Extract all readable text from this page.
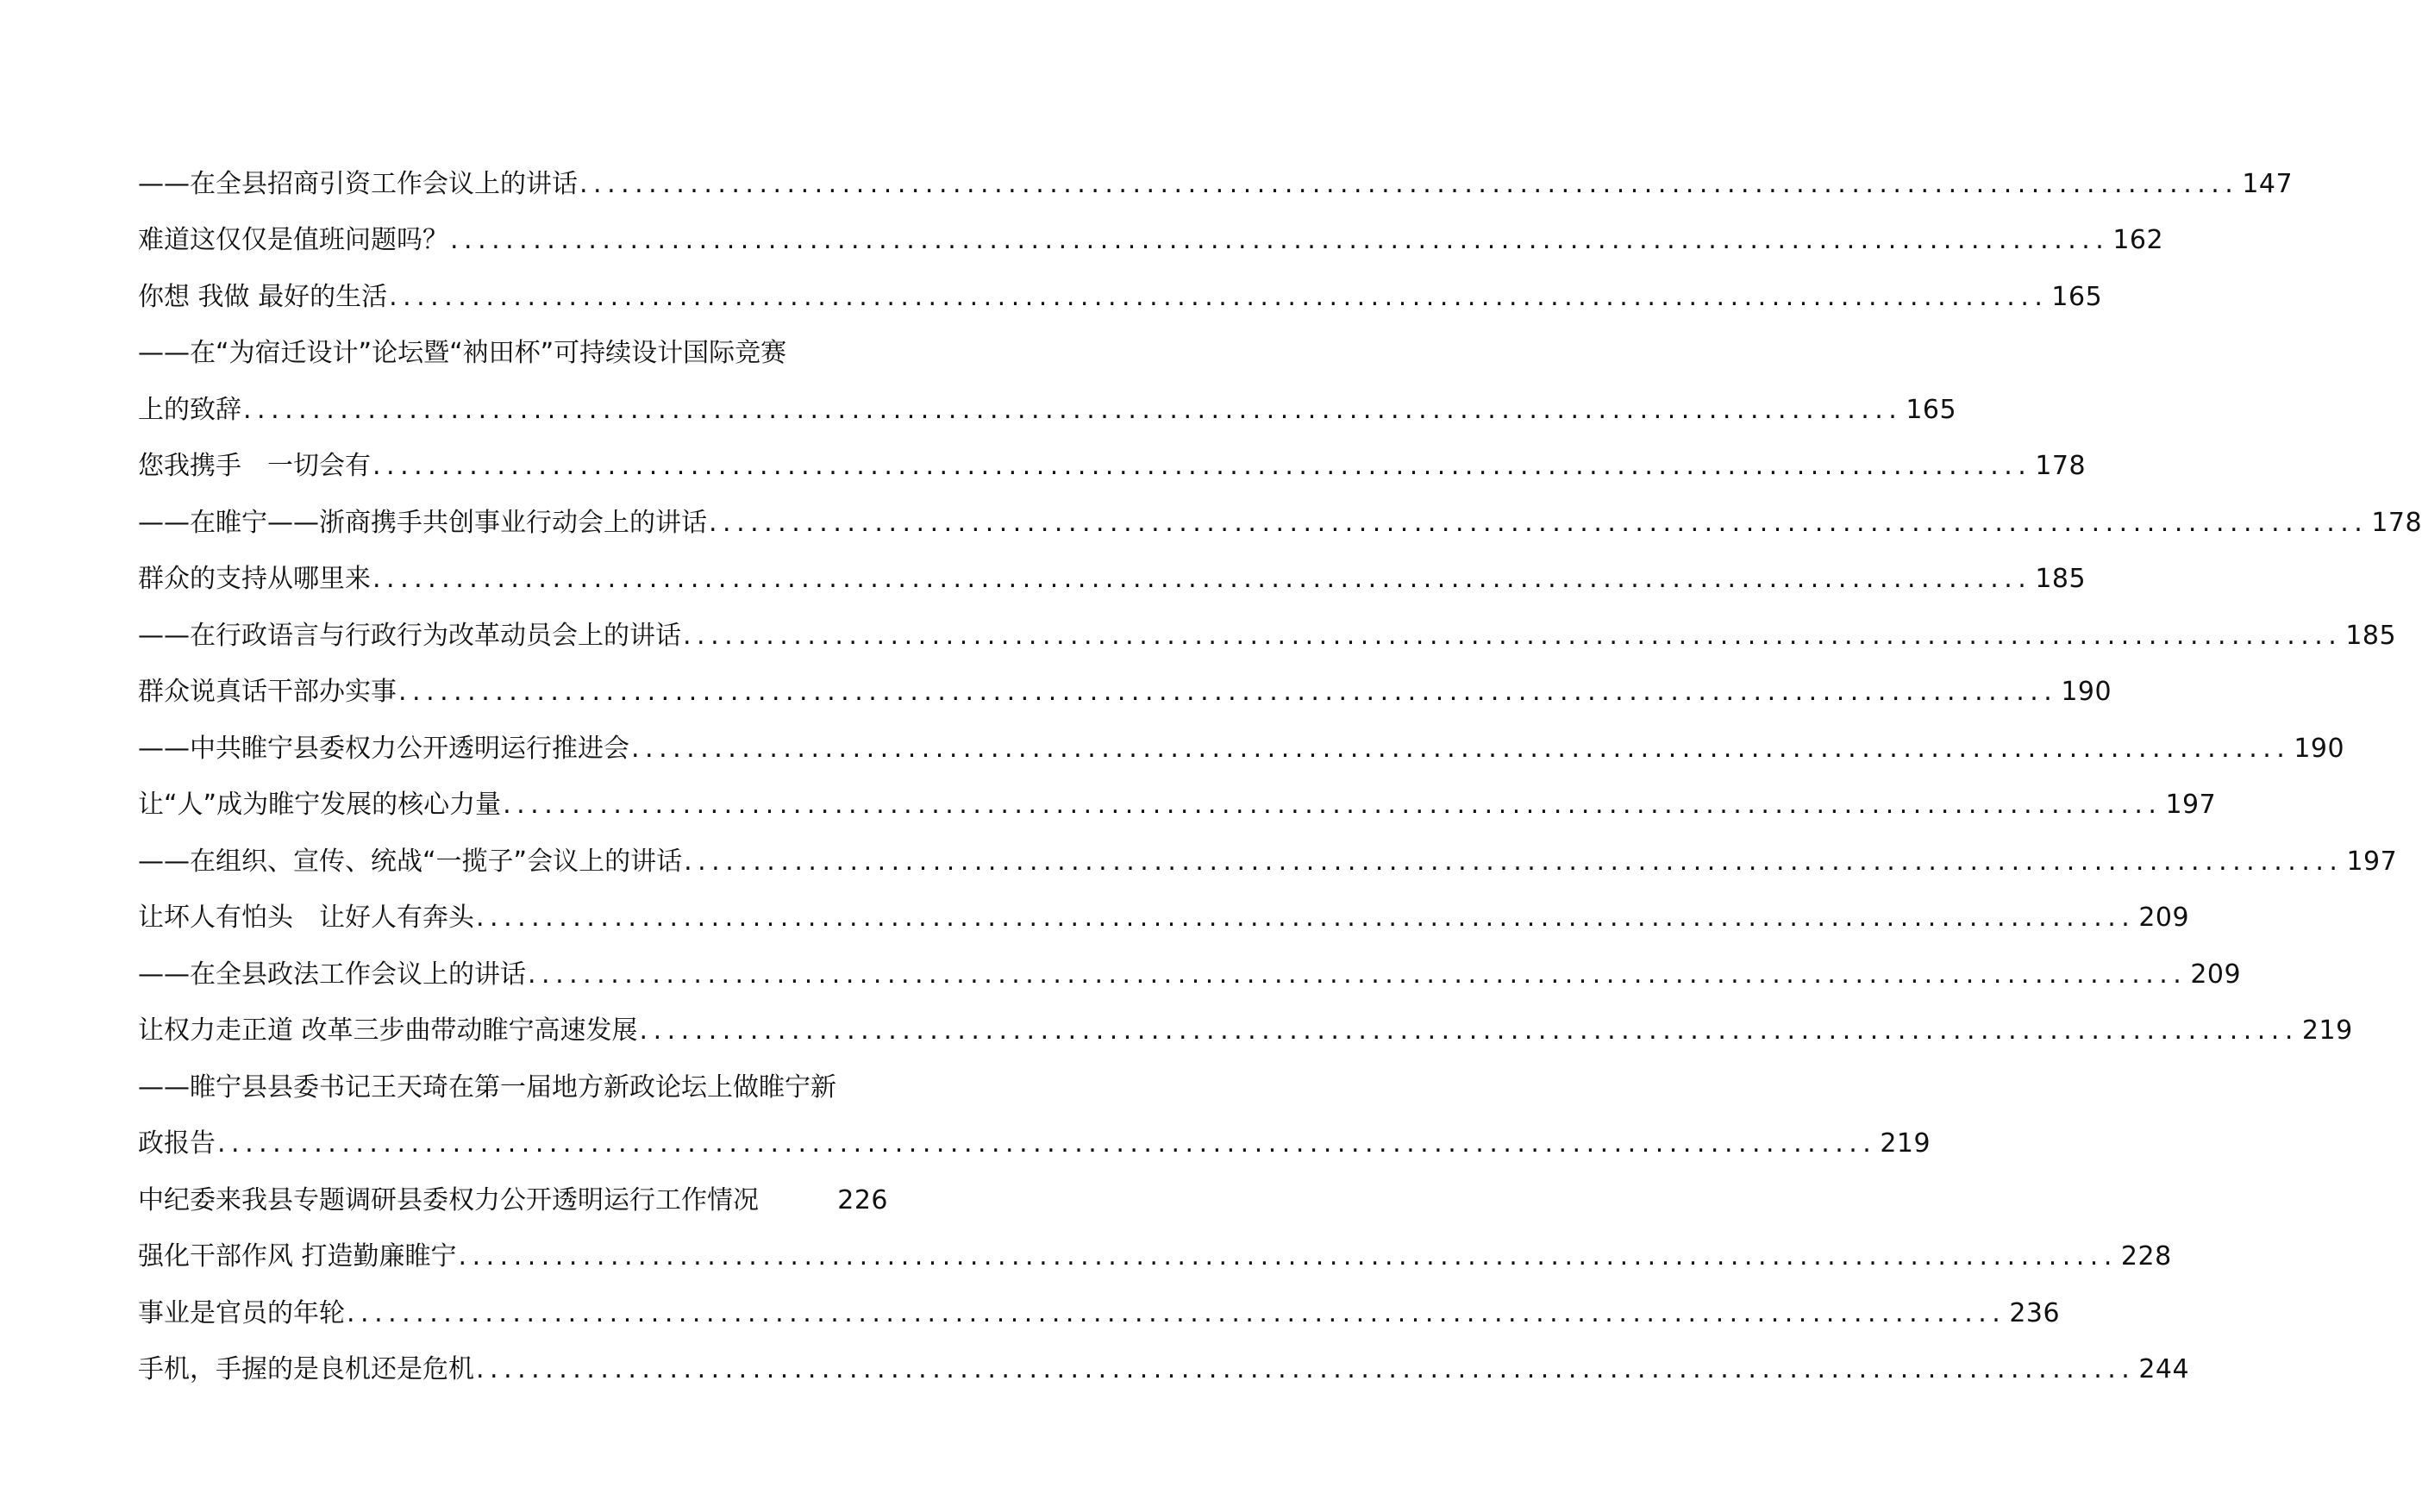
——在全县招商引资工作会议上的讲话 ........................................................................................................................ 147
难道这仅仅是值班问题吗？ ........................................................................................................................ 162
你想 我做 最好的生活 ........................................................................................................................ 165
——在“为宿迁设计”论坛暨“衲田杯”可持续设计国际竞赛
上的致辞 ........................................................................................................................ 165
您我携手　一切会有 ........................................................................................................................ 178
——在睢宁——浙商携手共创事业行动会上的讲话 ........................................................................................................................ 178
群众的支持从哪里来 ........................................................................................................................ 185
——在行政语言与行政行为改革动员会上的讲话 ........................................................................................................................ 185
群众说真话干部办实事 ........................................................................................................................ 190
——中共睢宁县委权力公开透明运行推进会 ........................................................................................................................ 190
让“人”成为睢宁发展的核心力量 ........................................................................................................................ 197
——在组织、宣传、统战“一揽子”会议上的讲话 ........................................................................................................................ 197
让坏人有怕头　让好人有奔头 ........................................................................................................................ 209
——在全县政法工作会议上的讲话 ........................................................................................................................ 209
让权力走正道 改革三步曲带动睢宁高速发展 ........................................................................................................................ 219
——睢宁县县委书记王天琦在第一届地方新政论坛上做睢宁新
政报告 ........................................................................................................................ 219
中纪委来我县专题调研县委权力公开透明运行工作情况	226
强化干部作风 打造勤廉睢宁 ........................................................................................................................ 228
事业是官员的年轮 ........................................................................................................................ 236
手机，手握的是良机还是危机 ........................................................................................................................ 244
